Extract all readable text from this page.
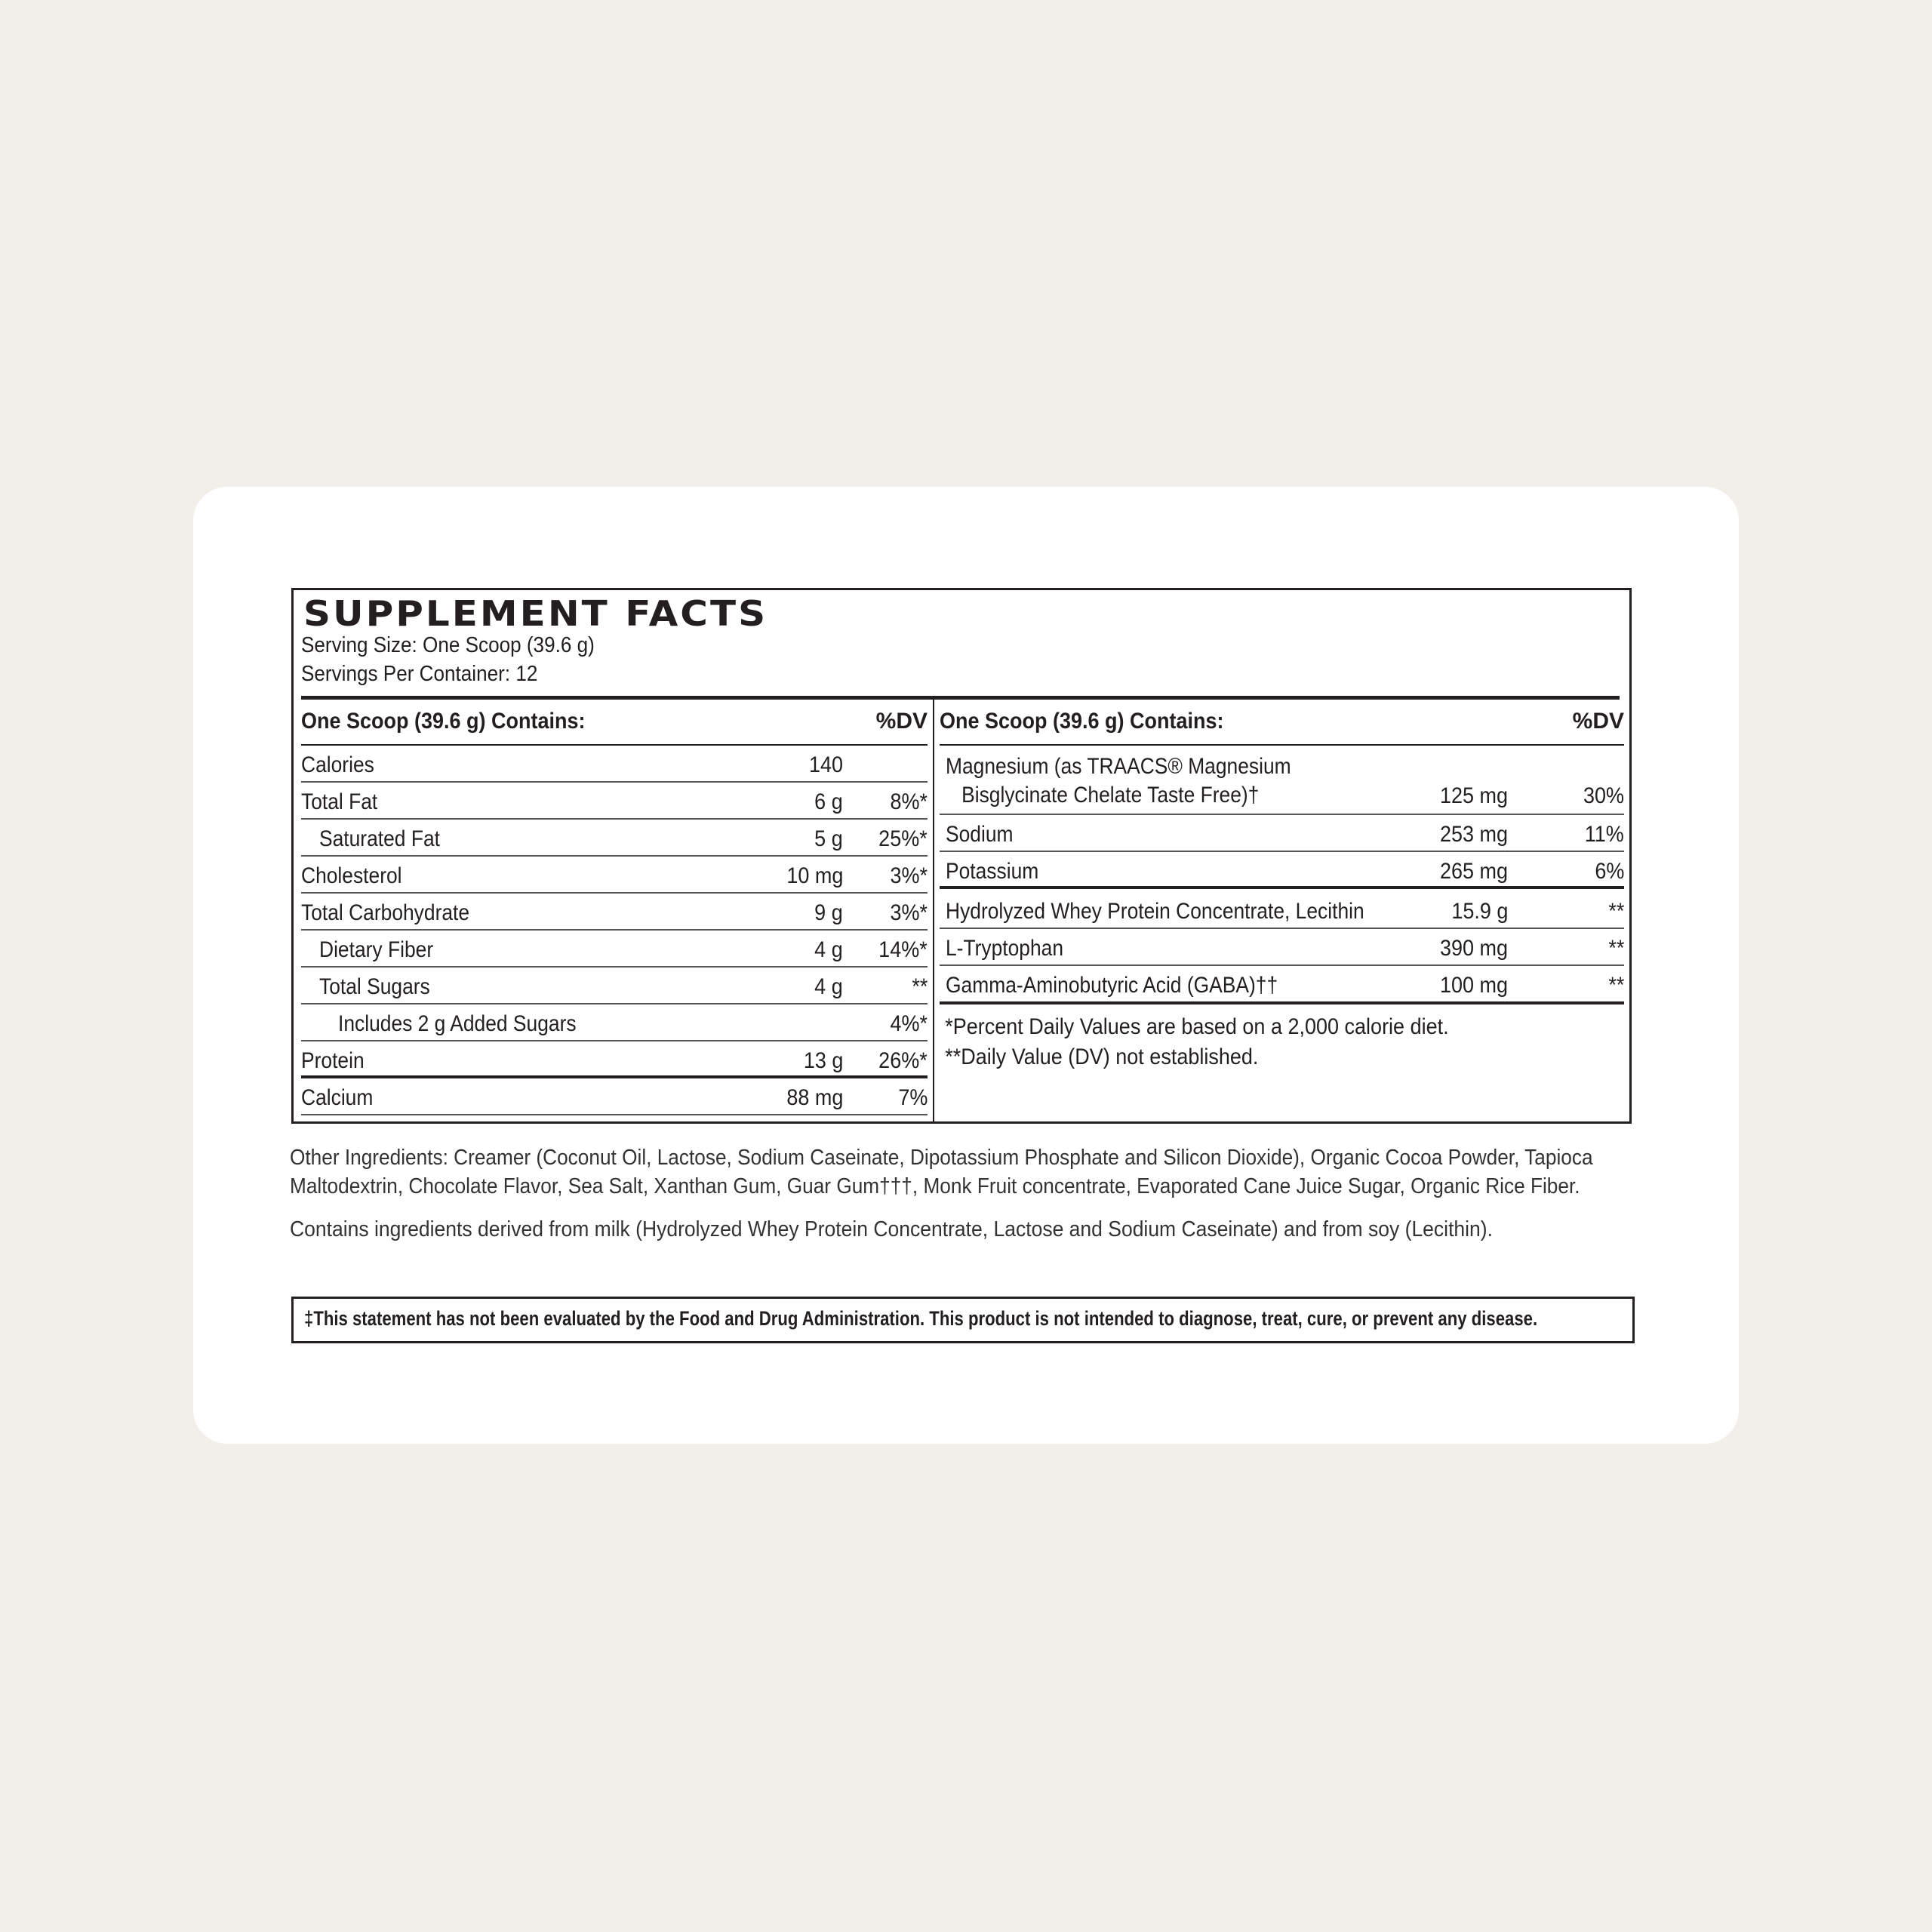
SUPPLEMENT FACTS
Serving Size: One Scoop (39.6 g)
Servings Per Container: 12
One Scoop (39.6 g) Contains:	%DV
Calories	140
Total Fat	6 g 8%*
Saturated Fat	5 g 25%*
Cholesterol	10 mg 3%*
Total Carbohydrate	9 g 3%*
Dietary Fiber	4 g 14%*
Total Sugars	4 g	**
Includes 2 g Added Sugars	4%*
Protein	13 g 26%*
Calcium	88 mg 7%
One Scoop (39.6 g) Contains:	%DV
Magnesium (as TRAACS® Magnesium
Bisglycinate Chelate Taste Free)†	125 mg	30%
Sodium	253 mg	11%
Potassium	265 mg	6%
Hydrolyzed Whey Protein Concentrate, Lecithin	15.9 g	**
L-Tryptophan	390 mg	**
Gamma-Aminobutyric Acid (GABA)††	100 mg	**
*Percent Daily Values are based on a 2,000 calorie diet.
**Daily Value (DV) not established.
Other Ingredients: Creamer (Coconut Oil, Lactose, Sodium Caseinate, Dipotassium Phosphate and Silicon Dioxide), Organic Cocoa Powder, Tapioca
Maltodextrin, Chocolate Flavor, Sea Salt, Xanthan Gum, Guar Gum†††, Monk Fruit concentrate, Evaporated Cane Juice Sugar, Organic Rice Fiber.
Contains ingredients derived from milk (Hydrolyzed Whey Protein Concentrate, Lactose and Sodium Caseinate) and from soy (Lecithin).
‡This statement has not been evaluated by the Food and Drug Administration. This product is not intended to diagnose, treat, cure, or prevent any disease.
